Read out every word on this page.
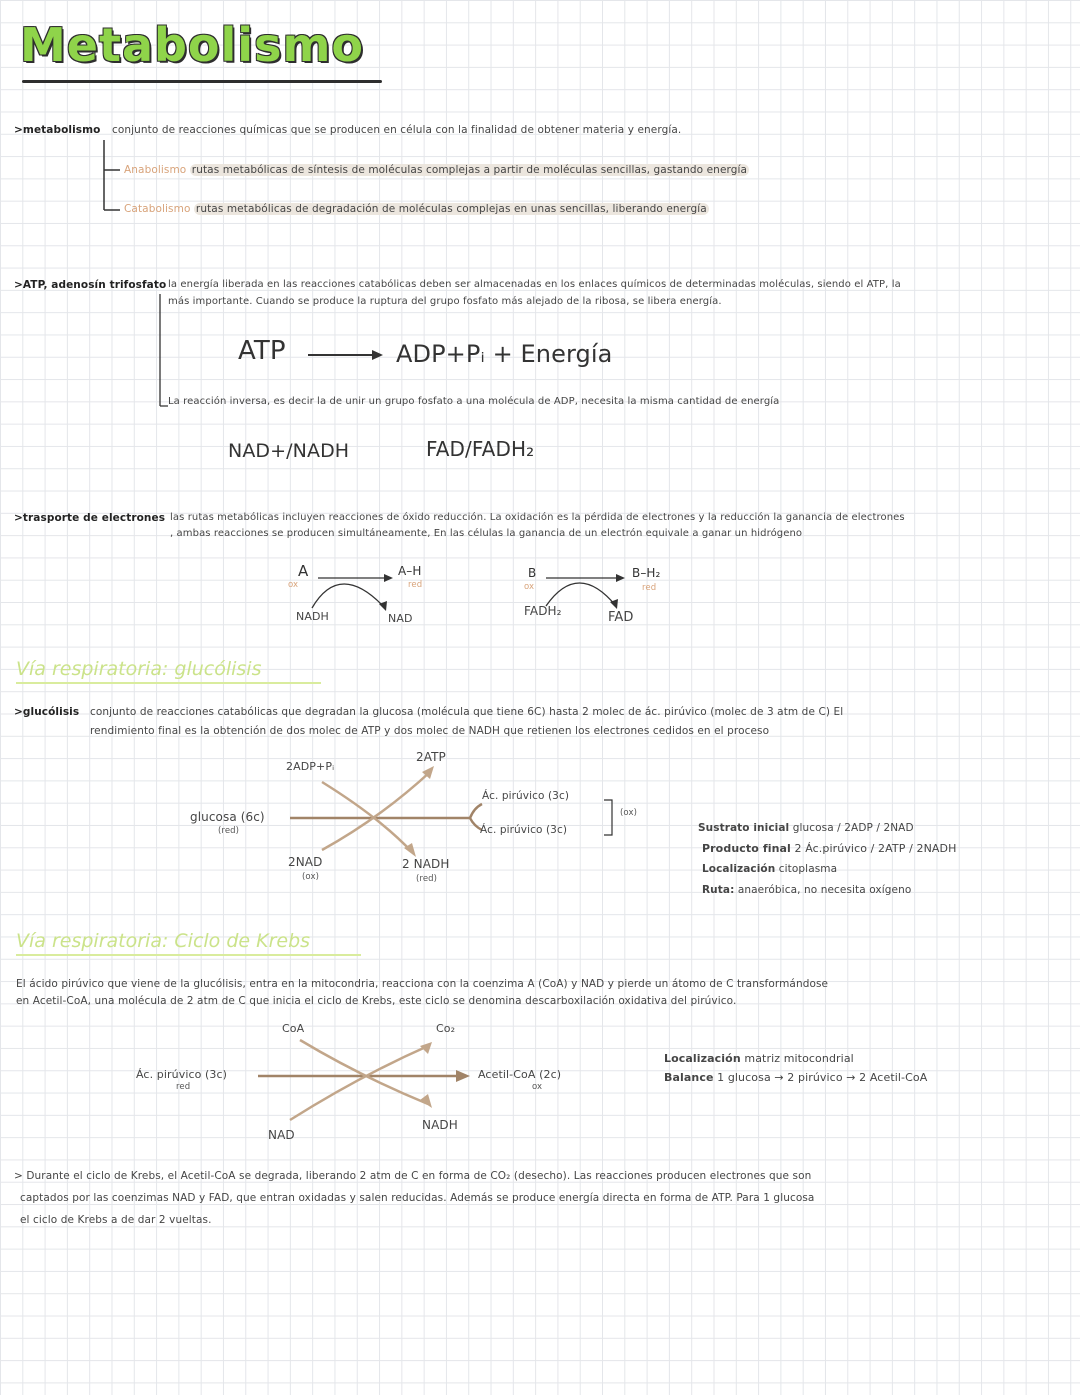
Metabolismo
>metabolismo conjunto de reacciones químicas que se producen en célula con la finalidad de obtener materia y energía.
Anabolismo rutas metabólicas de síntesis de moléculas complejas a partir de moléculas sencillas, gastando energía
Catabolismo rutas metabólicas de degradación de moléculas complejas en unas sencillas, liberando energía
>ATP, adenosín trifosfato la energía liberada en las reacciones catabólicas deben ser almacenadas en los enlaces químicos de determinadas moléculas, siendo el ATP, la
más importante. Cuando se produce la ruptura del grupo fosfato más alejado de la ribosa, se libera energía.
ATP	ADP+Pᵢ + Energía
La reacción inversa, es decir la de unir un grupo fosfato a una molécula de ADP, necesita la misma cantidad de energía
NAD+/NADH	FAD/FADH₂
>trasporte de electrones las rutas metabólicas incluyen reacciones de óxido reducción. La oxidación es la pérdida de electrones y la reducción la ganancia de electrones
, ambas reacciones se producen simultáneamente, En las células la ganancia de un electrón equivale a ganar un hidrógeno
A
ox
A–H
red
NADH	NAD
B
ox
B–H₂
red
FADH₂	FAD
Vía respiratoria: glucólisis
>glucólisis conjunto de reacciones catabólicas que degradan la glucosa (molécula que tiene 6C) hasta 2 molec de ác. pirúvico (molec de 3 atm de C) El
rendimiento final es la obtención de dos molec de ATP y dos molec de NADH que retienen los electrones cedidos en el proceso
2ADP+Pᵢ
2ATP
glucosa (6c)
(red)
Ác. pirúvico (3c)
Ác. pirúvico (3c)
(ox)
2NAD
(ox)
2 NADH
(red)
Sustrato inicial glucosa / 2ADP / 2NAD
Producto final 2 Ác.pirúvico / 2ATP / 2NADH
Localización citoplasma
Ruta: anaeróbica, no necesita oxígeno
Vía respiratoria: Ciclo de Krebs
El ácido pirúvico que viene de la glucólisis, entra en la mitocondria, reacciona con la coenzima A (CoA) y NAD y pierde un átomo de C transformándose
en Acetil-CoA, una molécula de 2 atm de C que inicia el ciclo de Krebs, este ciclo se denomina descarboxilación oxidativa del pirúvico.
CoA	Co₂
Ác. pirúvico (3c)
red
Acetil-CoA (2c)
ox
NAD
NADH
Localización matriz mitocondrial
Balance 1 glucosa → 2 pirúvico → 2 Acetil-CoA
> Durante el ciclo de Krebs, el Acetil-CoA se degrada, liberando 2 atm de C en forma de CO₂ (desecho). Las reacciones producen electrones que son
captados por las coenzimas NAD y FAD, que entran oxidadas y salen reducidas. Además se produce energía directa en forma de ATP. Para 1 glucosa
el ciclo de Krebs a de dar 2 vueltas.
